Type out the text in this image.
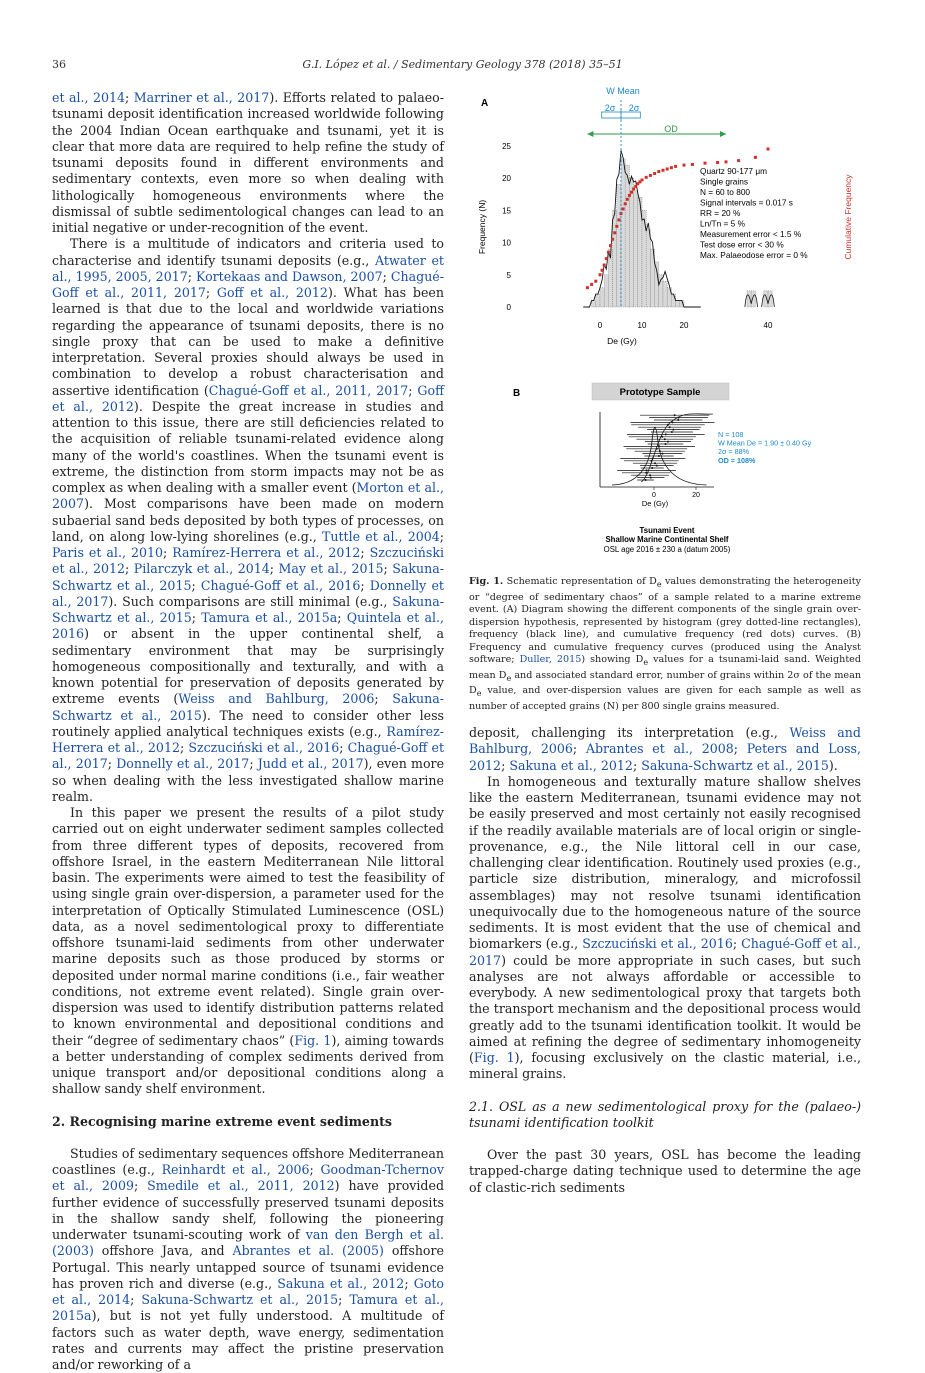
36	G.I. López et al. / Sedimentary Geology 378 (2018) 35–51

et al., 2014; Marriner et al., 2017). Efforts related to palaeo-tsunami deposit identification increased worldwide following the 2004 Indian Ocean earthquake and tsunami, yet it is clear that more data are required to help refine the study of tsunami deposits found in different environments and sedimentary contexts, even more so when dealing with lithologically homogeneous environments where the dismissal of subtle sedimentological changes can lead to an initial negative or under-recognition of the event.

There is a multitude of indicators and criteria used to characterise and identify tsunami deposits (e.g., Atwater et al., 1995, 2005, 2017; Kortekaas and Dawson, 2007; Chagué-Goff et al., 2011, 2017; Goff et al., 2012). What has been learned is that due to the local and worldwide variations regarding the appearance of tsunami deposits, there is no single proxy that can be used to make a definitive interpretation. Several proxies should always be used in combination to develop a robust characterisation and assertive identification (Chagué-Goff et al., 2011, 2017; Goff et al., 2012). Despite the great increase in studies and attention to this issue, there are still deficiencies related to the acquisition of reliable tsunami-related evidence along many of the world's coastlines. When the tsunami event is extreme, the distinction from storm impacts may not be as complex as when dealing with a smaller event (Morton et al., 2007). Most comparisons have been made on modern subaerial sand beds deposited by both types of processes, on land, on along low-lying shorelines (e.g., Tuttle et al., 2004; Paris et al., 2010; Ramírez-Herrera et al., 2012; Szczuciński et al., 2012; Pilarczyk et al., 2014; May et al., 2015; Sakuna-Schwartz et al., 2015; Chagué-Goff et al., 2016; Donnelly et al., 2017). Such comparisons are still minimal (e.g., Sakuna-Schwartz et al., 2015; Tamura et al., 2015a; Quintela et al., 2016) or absent in the upper continental shelf, a sedimentary environment that may be surprisingly homogeneous compositionally and texturally, and with a known potential for preservation of deposits generated by extreme events (Weiss and Bahlburg, 2006; Sakuna-Schwartz et al., 2015). The need to consider other less routinely applied analytical techniques exists (e.g., Ramírez-Herrera et al., 2012; Szczuciński et al., 2016; Chagué-Goff et al., 2017; Donnelly et al., 2017; Judd et al., 2017), even more so when dealing with the less investigated shallow marine realm.

In this paper we present the results of a pilot study carried out on eight underwater sediment samples collected from three different types of deposits, recovered from offshore Israel, in the eastern Mediterranean Nile littoral basin. The experiments were aimed to test the feasibility of using single grain over-dispersion, a parameter used for the interpretation of Optically Stimulated Luminescence (OSL) data, as a novel sedimentological proxy to differentiate offshore tsunami-laid sediments from other underwater marine deposits such as those produced by storms or deposited under normal marine conditions (i.e., fair weather conditions, not extreme event related). Single grain over-dispersion was used to identify distribution patterns related to known environmental and depositional conditions and their “degree of sedimentary chaos” (Fig. 1), aiming towards a better understanding of complex sediments derived from unique transport and/or depositional conditions along a shallow sandy shelf environment.

2. Recognising marine extreme event sediments

Studies of sedimentary sequences offshore Mediterranean coastlines (e.g., Reinhardt et al., 2006; Goodman-Tchernov et al., 2009; Smedile et al., 2011, 2012) have provided further evidence of successfully preserved tsunami deposits in the shallow sandy shelf, following the pioneering underwater tsunami-scouting work of van den Bergh et al. (2003) offshore Java, and Abrantes et al. (2005) offshore Portugal. This nearly untapped source of tsunami evidence has proven rich and diverse (e.g., Sakuna et al., 2012; Goto et al., 2014; Sakuna-Schwartz et al., 2015; Tamura et al., 2015a), but is not yet fully understood. A multitude of factors such as water depth, wave energy, sedimentation rates and currents may affect the pristine preservation and/or reworking of a

A
W Mean
2σ 2σ
OD
0
5
10
15
20
25
0	10	20	40
Frequency (N)
De (Gy)
Cumulative Frequency
Quartz 90-177 μm
Single grains
N = 60 to 800
Signal intervals = 0.017 s
RR = 20 %
Ln/Tn = 5 %
Measurement error < 1.5 %
Test dose error < 30 %
Max. Palaeodose error = 0 %
B	Prototype Sample
0	20
De (Gy)
N = 108
W Mean De = 1.90 ± 0.40 Gy
2σ = 88%
OD = 108%
Tsunami Event
Shallow Marine Continental Shelf
OSL age 2016 ± 230 a (datum 2005)
Fig. 1. Schematic representation of $D_e$ values demonstrating the heterogeneity or “degree of sedimentary chaos” of a sample related to a marine extreme event. (A) Diagram showing the different components of the single grain over-dispersion hypothesis, represented by histogram (grey dotted-line rectangles), frequency (black line), and cumulative frequency (red dots) curves. (B) Frequency and cumulative frequency curves (produced using the Analyst software; Duller, 2015) showing $D_e$ values for a tsunami-laid sand. Weighted mean $D_e$ and associated standard error, number of grains within 2σ of the mean $D_e$ value, and over-dispersion values are given for each sample as well as number of accepted grains (N) per 800 single grains measured.

deposit, challenging its interpretation (e.g., Weiss and Bahlburg, 2006; Abrantes et al., 2008; Peters and Loss, 2012; Sakuna et al., 2012; Sakuna-Schwartz et al., 2015).

In homogeneous and texturally mature shallow shelves like the eastern Mediterranean, tsunami evidence may not be easily preserved and most certainly not easily recognised if the readily available materials are of local origin or single-provenance, e.g., the Nile littoral cell in our case, challenging clear identification. Routinely used proxies (e.g., particle size distribution, mineralogy, and microfossil assemblages) may not resolve tsunami identification unequivocally due to the homogeneous nature of the source sediments. It is most evident that the use of chemical and biomarkers (e.g., Szczuciński et al., 2016; Chagué-Goff et al., 2017) could be more appropriate in such cases, but such analyses are not always affordable or accessible to everybody. A new sedimentological proxy that targets both the transport mechanism and the depositional process would greatly add to the tsunami identification toolkit. It would be aimed at refining the degree of sedimentary inhomogeneity (Fig. 1), focusing exclusively on the clastic material, i.e., mineral grains.

2.1. OSL as a new sedimentological proxy for the (palaeo-) tsunami identification toolkit

Over the past 30 years, OSL has become the leading trapped-charge dating technique used to determine the age of clastic-rich sediments
